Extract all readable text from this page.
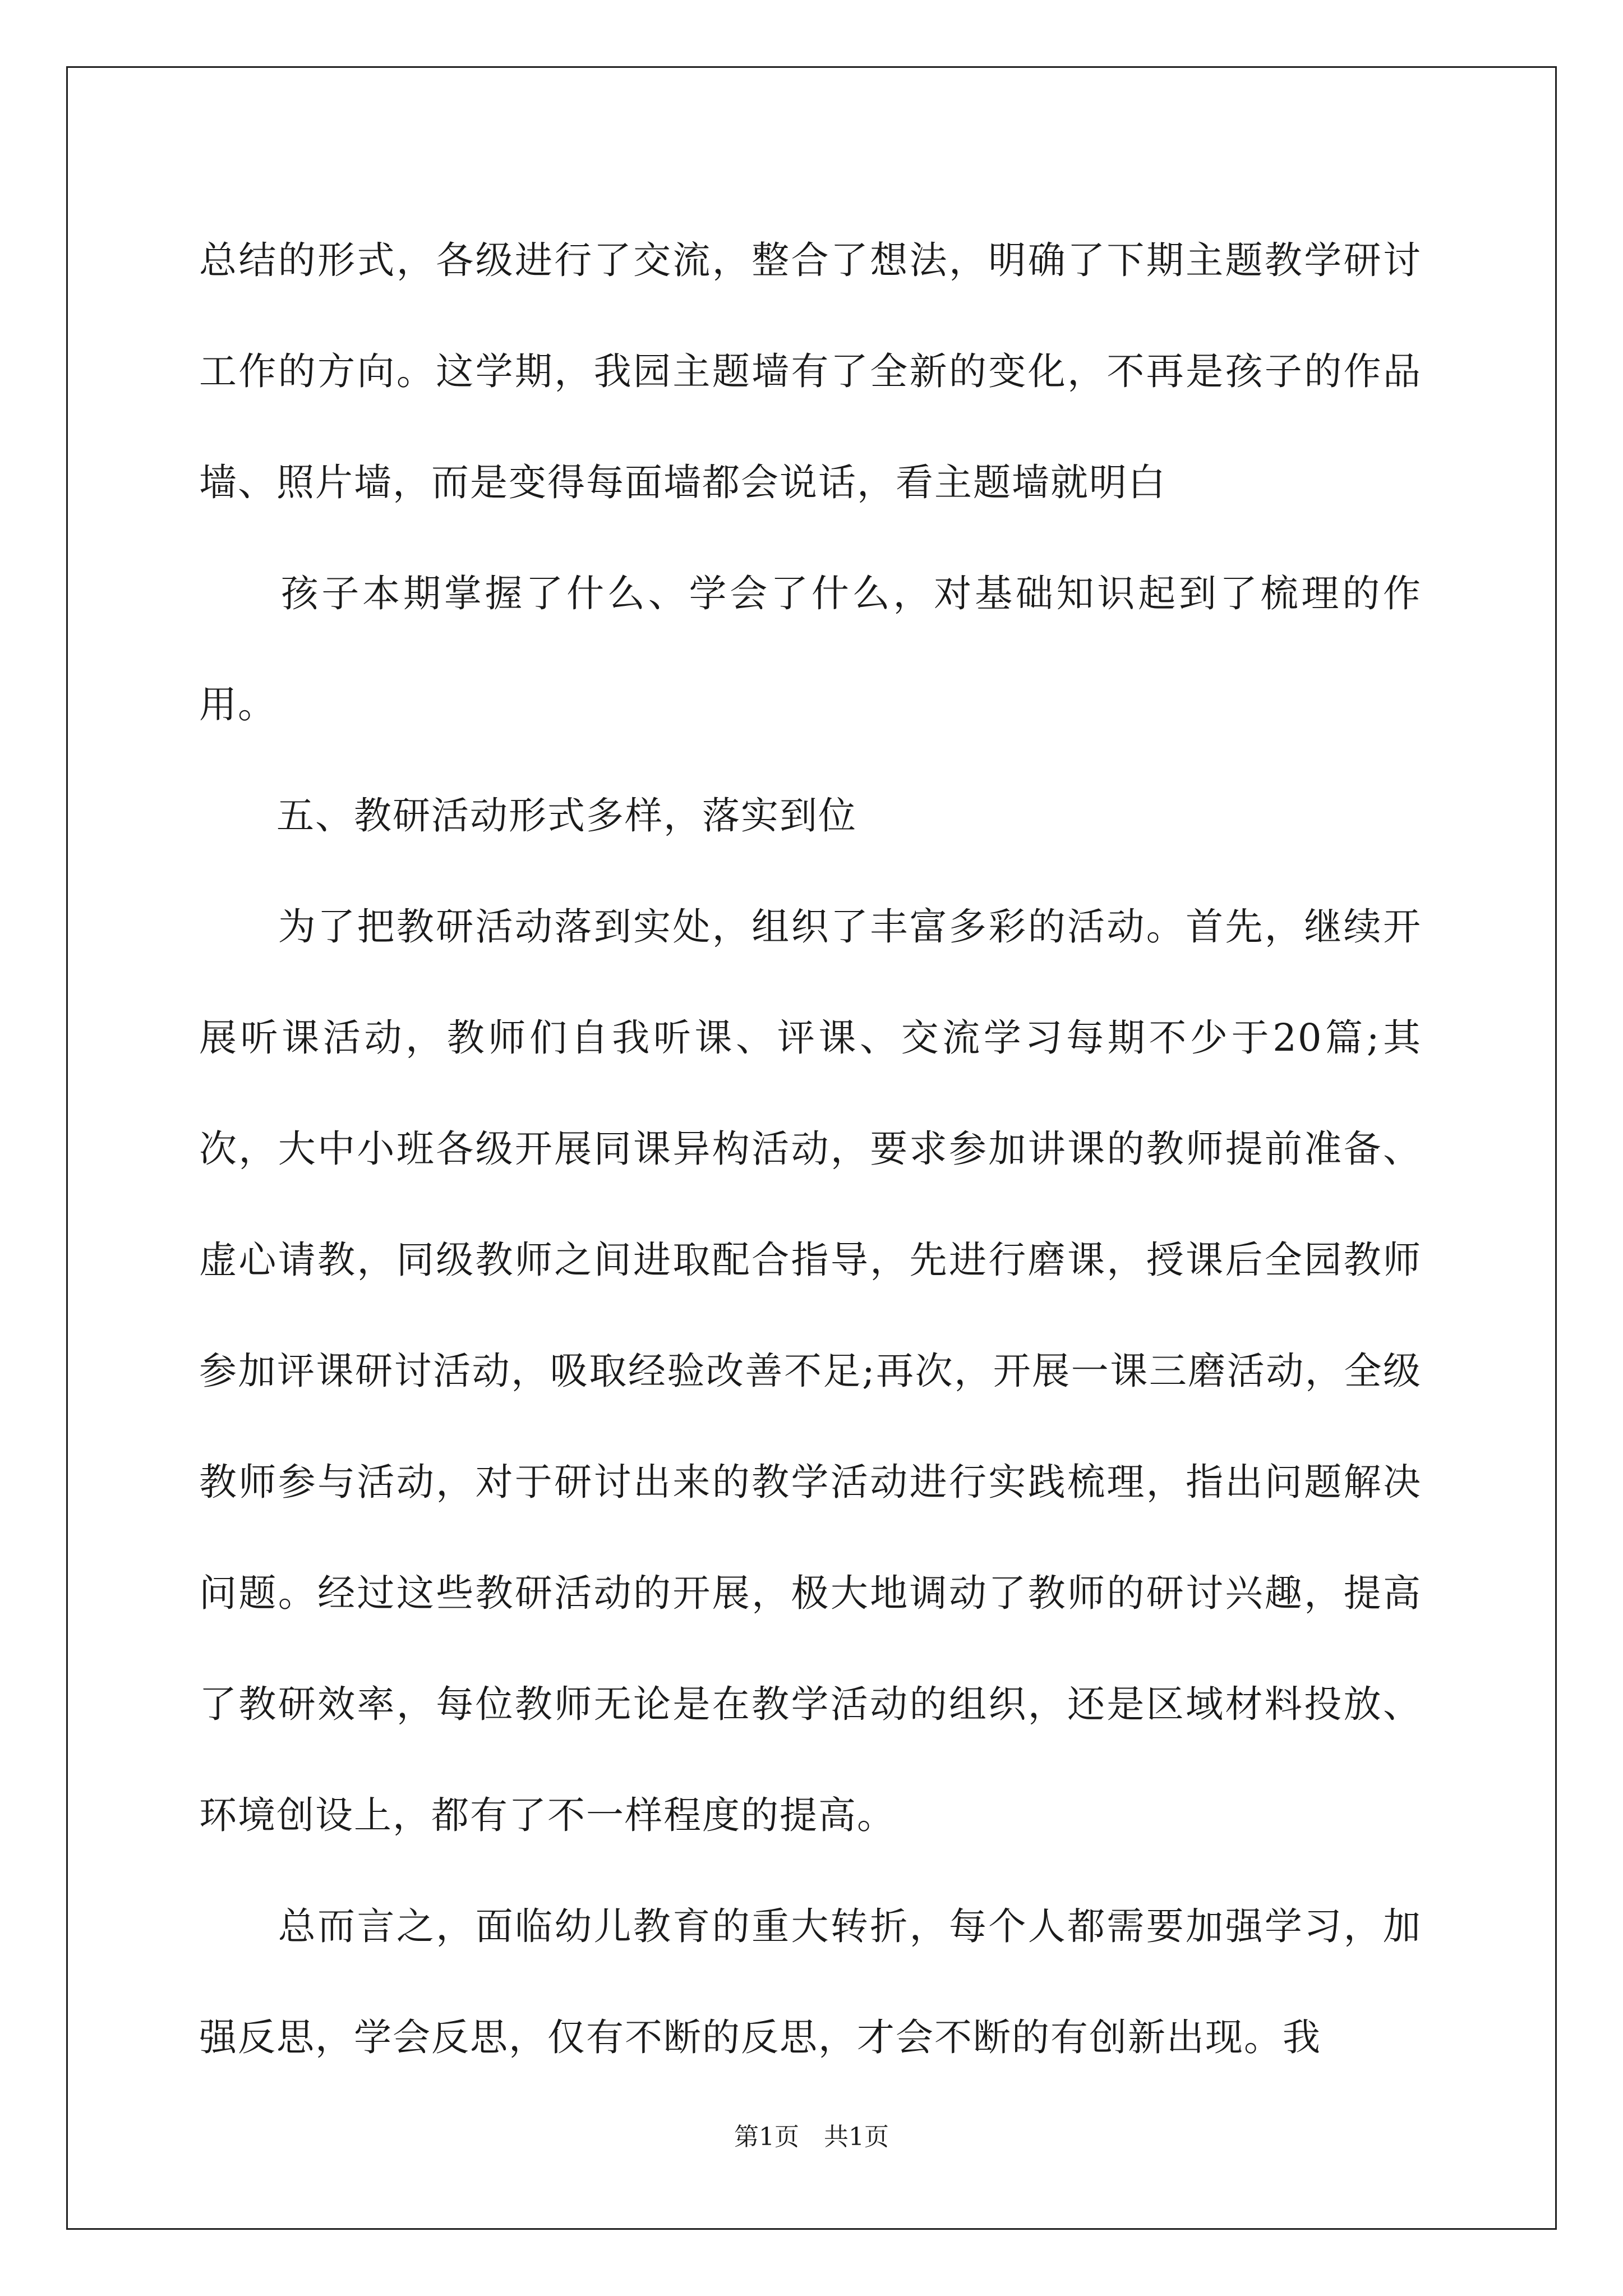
总结的形式，各级进行了交流，整合了想法，明确了下期主题教学研讨工作的方向。这学期，我园主题墙有了全新的变化，不再是孩子的作品墙、照片墙，而是变得每面墙都会说话，看主题墙就明白

　　孩子本期掌握了什么、学会了什么，对基础知识起到了梳理的作用。

　　五、教研活动形式多样，落实到位

　　为了把教研活动落到实处，组织了丰富多彩的活动。首先，继续开展听课活动，教师们自我听课、评课、交流学习每期不少于20篇;其次，大中小班各级开展同课异构活动，要求参加讲课的教师提前准备、虚心请教，同级教师之间进取配合指导，先进行磨课，授课后全园教师参加评课研讨活动，吸取经验改善不足;再次，开展一课三磨活动，全级教师参与活动，对于研讨出来的教学活动进行实践梳理，指出问题解决问题。经过这些教研活动的开展，极大地调动了教师的研讨兴趣，提高了教研效率，每位教师无论是在教学活动的组织，还是区域材料投放、环境创设上，都有了不一样程度的提高。

　　总而言之，面临幼儿教育的重大转折，每个人都需要加强学习，加强反思，学会反思，仅有不断的反思，才会不断的有创新出现。我

第1页　共1页
